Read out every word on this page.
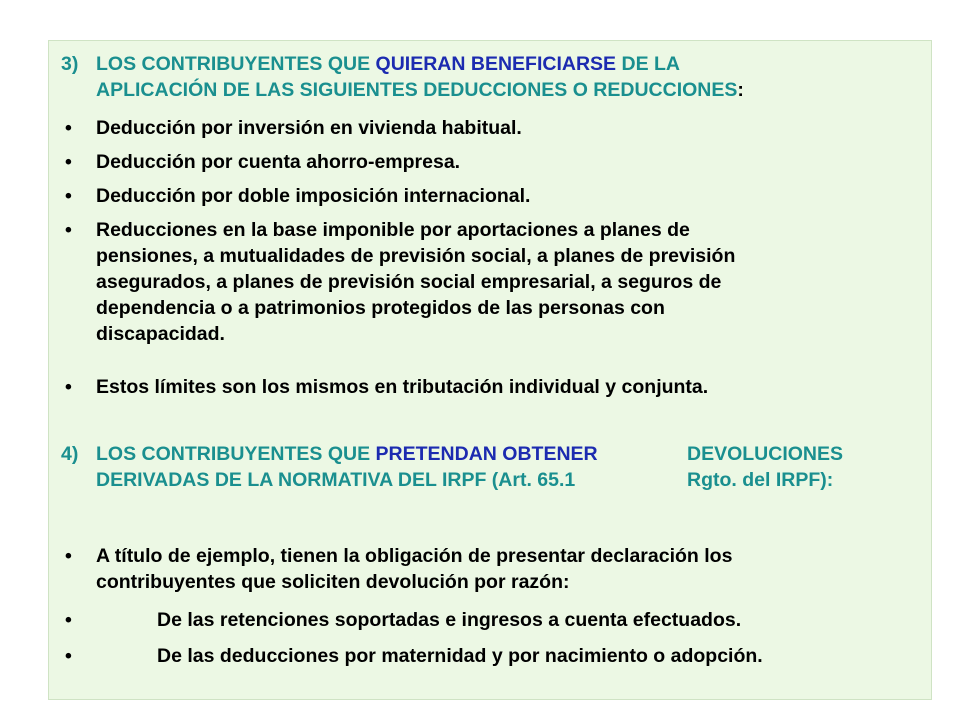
3) LOS CONTRIBUYENTES QUE QUIERAN BENEFICIARSE DE LA
APLICACIÓN DE LAS SIGUIENTES DEDUCCIONES O REDUCCIONES:
•	Deducción por inversión en vivienda habitual.
•	Deducción por cuenta ahorro-empresa.
•	Deducción por doble imposición internacional.
•	Reducciones en la base imponible por aportaciones a planes de
pensiones, a mutualidades de previsión social, a planes de previsión
asegurados, a planes de previsión social empresarial, a seguros de
dependencia o a patrimonios protegidos de las personas con
discapacidad.
•	Estos límites son los mismos en tributación individual y conjunta.
4) LOS CONTRIBUYENTES QUE PRETENDAN OBTENER	DEVOLUCIONES
DERIVADAS DE LA NORMATIVA DEL IRPF (Art. 65.1	Rgto. del IRPF):
•	A título de ejemplo, tienen la obligación de presentar declaración los
contribuyentes que soliciten devolución por razón:
•	De las retenciones soportadas e ingresos a cuenta efectuados.
•	De las deducciones por maternidad y por nacimiento o adopción.
